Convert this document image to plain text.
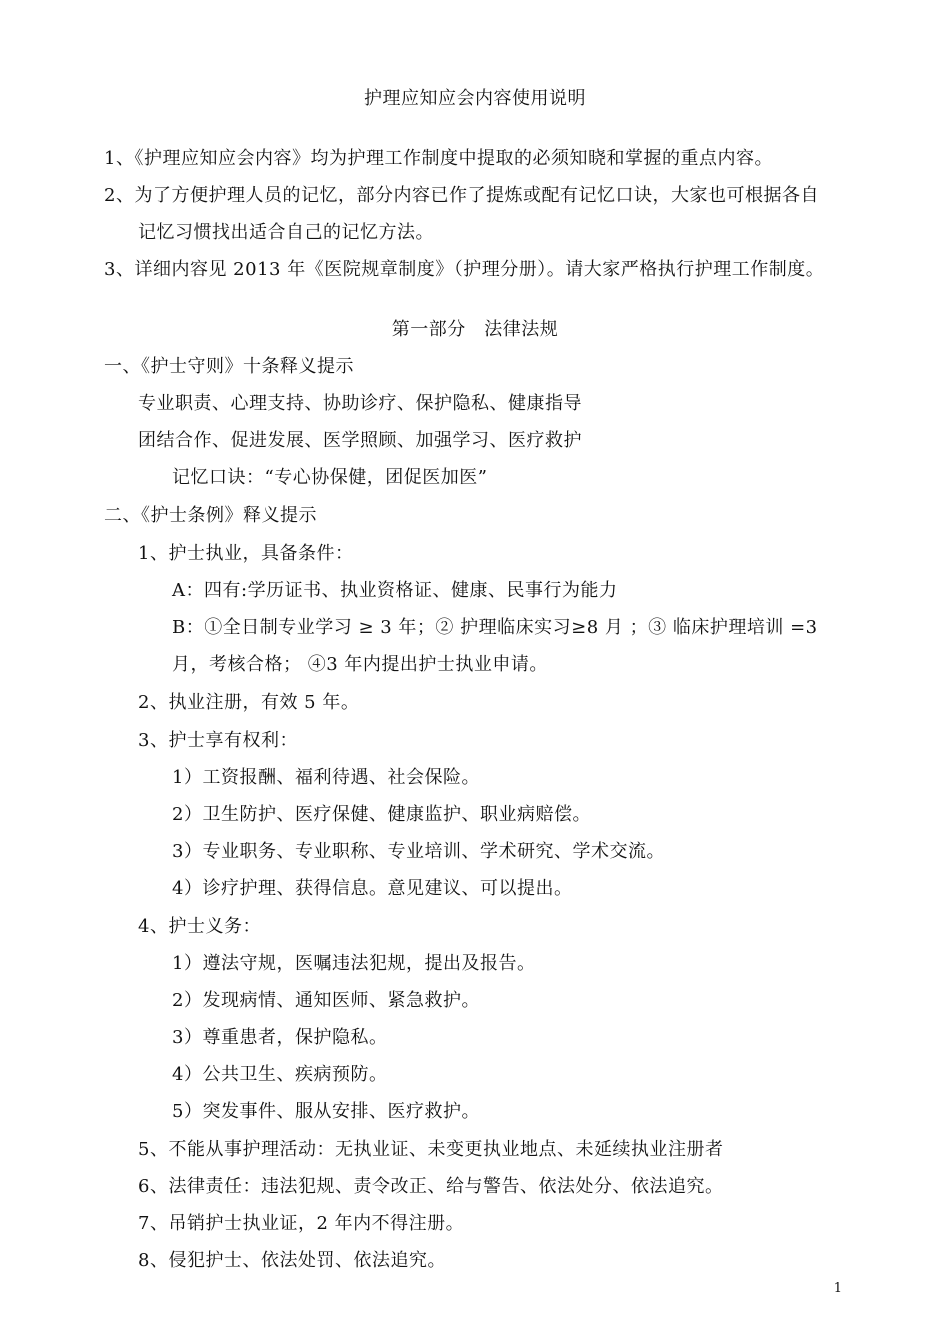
护理应知应会内容使用说明
1、《护理应知应会内容》均为护理工作制度中提取的必须知晓和掌握的重点内容。
2、为了方便护理人员的记忆，部分内容已作了提炼或配有记忆口诀，大家也可根据各自
记忆习惯找出适合自己的记忆方法。
3、详细内容见 2013 年《医院规章制度》（护理分册）。请大家严格执行护理工作制度。
第一部分　法律法规
一、《护士守则》十条释义提示
专业职责、心理支持、协助诊疗、保护隐私、健康指导
团结合作、促进发展、医学照顾、加强学习、医疗救护
记忆口诀：“专心协保健，团促医加医”
二、《护士条例》释义提示
1、护士执业，具备条件：
A：四有:学历证书、执业资格证、健康、民事行为能力
B：①全日制专业学习 ≥ 3 年；② 护理临床实习≥8 月 ；③ 临床护理培训 =3
月，考核合格； ④3 年内提出护士执业申请。
2、执业注册，有效 5 年。
3、护士享有权利：
1）工资报酬、福利待遇、社会保险。
2）卫生防护、医疗保健、健康监护、职业病赔偿。
3）专业职务、专业职称、专业培训、学术研究、学术交流。
4）诊疗护理、获得信息。意见建议、可以提出。
4、护士义务：
1）遵法守规，医嘱违法犯规，提出及报告。
2）发现病情、通知医师、紧急救护。
3）尊重患者，保护隐私。
4）公共卫生、疾病预防。
5）突发事件、服从安排、医疗救护。
5、不能从事护理活动：无执业证、未变更执业地点、未延续执业注册者
6、法律责任：违法犯规、责令改正、给与警告、依法处分、依法追究。
7、吊销护士执业证，2 年内不得注册。
8、侵犯护士、依法处罚、依法追究。
1
